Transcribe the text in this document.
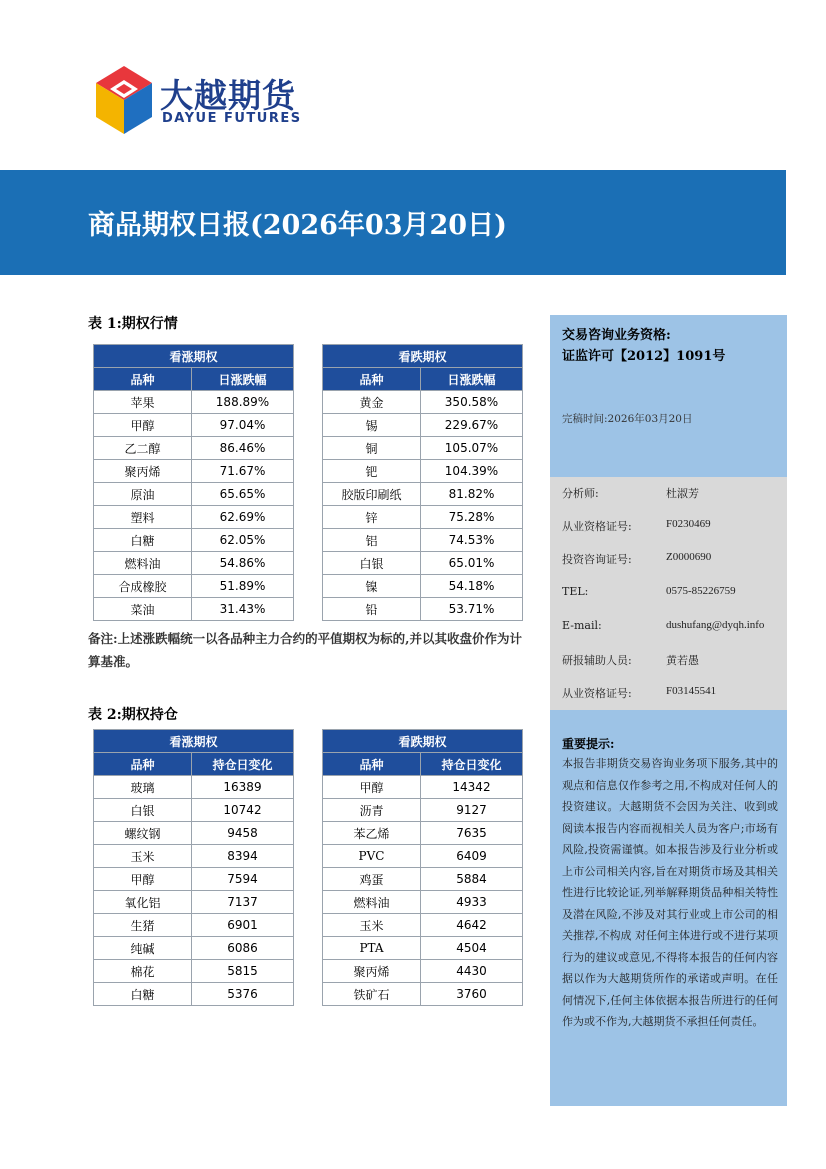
大越期货
DAYUE FUTURES
商品期权日报(2026年03月20日)
表 1:期权行情
看涨期权	
品种	日涨跌幅
苹果	188.89%
甲醇	97.04%
乙二醇	86.46%
聚丙烯	71.67%
原油	65.65%
塑料	62.69%
白糖	62.05%
燃料油	54.86%
合成橡胶	51.89%
菜油	31.43%
看跌期权	
品种	日涨跌幅
黄金	350.58%
锡	229.67%
铜	105.07%
钯	104.39%
胶版印刷纸	81.82%
锌	75.28%
铝	74.53%
白银	65.01%
镍	54.18%
铅	53.71%
备注:上述涨跌幅统一以各品种主力合约的平值期权为标的,并以其收盘价作为计算基准。
表 2:期权持仓
看涨期权	
品种	持仓日变化
玻璃	16389
白银	10742
螺纹钢	9458
玉米	8394
甲醇	7594
氧化铝	7137
生猪	6901
纯碱	6086
棉花	5815
白糖	5376
看跌期权	
品种	持仓日变化
甲醇	14342
沥青	9127
苯乙烯	7635
PVC	6409
鸡蛋	5884
燃料油	4933
玉米	4642
PTA	4504
聚丙烯	4430
铁矿石	3760
交易咨询业务资格:
证监许可【2012】1091号
完稿时间:2026年03月20日
分析师:	杜淑芳
从业资格证号:	F0230469
投资咨询证号:	Z0000690
TEL:	0575-85226759
E-mail:	dushufang@dyqh.info
研报辅助人员:	黄若愚
从业资格证号:	F03145541
重要提示:
本报告非期货交易咨询业务项下服务,其中的观点和信息仅作参考之用,不构成对任何人的投资建议。大越期货不会因为关注、收到或阅读本报告内容而视相关人员为客户;市场有风险,投资需谨慎。如本报告涉及行业分析或上市公司相关内容,旨在对期货市场及其相关性进行比较论证,列举解释期货品种相关特性及潜在风险,不涉及对其行业或上市公司的相关推荐,不构成 对任何主体进行或不进行某项行为的建议或意见,不得将本报告的任何内容据以作为大越期货所作的承诺或声明。在任何情况下,任何主体依据本报告所进行的任何作为或不作为,大越期货不承担任何责任。
